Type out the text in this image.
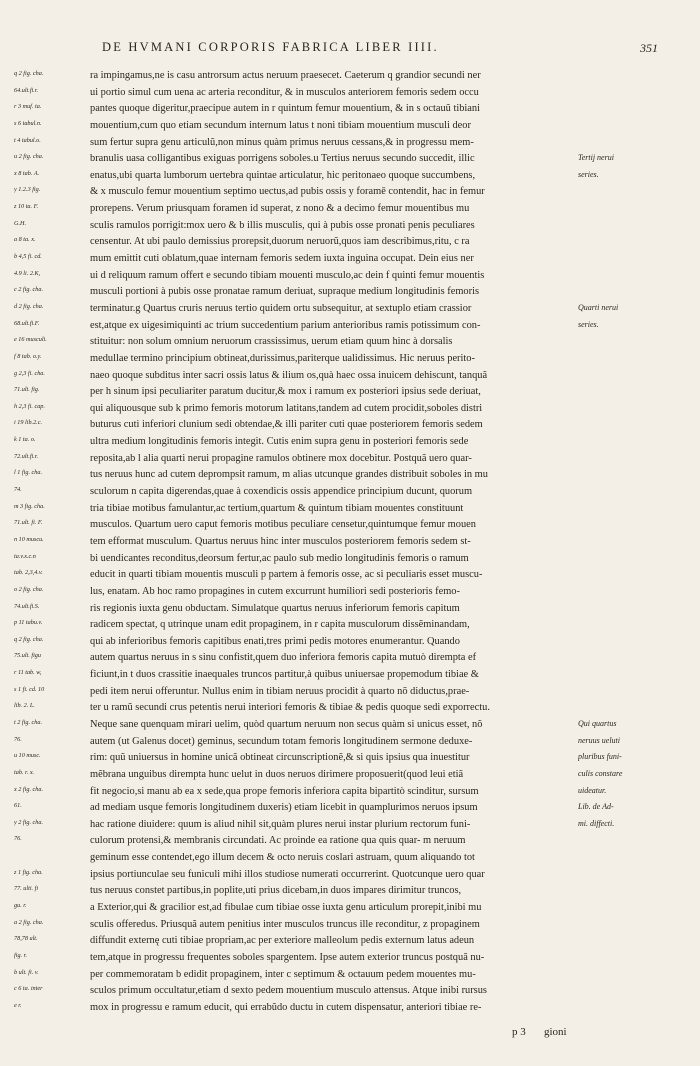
DE HVMANI CORPORIS FABRICA LIBER IIII.	351
q 2 fig. cha.	ra impingamus,ne is casu antrorsum actus neruum praesecet. Caeterum q grandior secundi ner
64.ult.fi.r.	ui portio simul cum uena ac arteria reconditur, & in musculos anteriorem femoris sedem occu
r 3 muf. ta.	pantes quoque digeritur,praecipue autem in r quintum femur mouentium, & in s octauũ tibiani
s 6 tabul.n.	mouentium,cum quo etiam secundum internum latus t noni tibiam mouentium musculi deor
t 4 tabul.o.	sum fertur supra genu articulũ,non minus quàm primus neruus cessans,& in progressu mem-
u 2 fig. cha.	branulis uasa colligantibus exiguas porrigens soboles.u Tertius neruus secundo succedit, illic	Tertij nerui
x 8 tab. A.	enatus,ubi quarta lumborum uertebra quintae articulatur, hic peritonaeo quoque succumbens,	series.
y 1.2.3 fig.	& x musculo femur mouentium septimo uectus,ad pubis ossis y foramē contendit, hac in femur
z 10 ta. F.	prorepens. Verum priusquam foramen id superat, z nono & a decimo femur mouentibus mu
G.H.	sculis ramulos porrigit:mox uero & b illis musculis, qui à pubis osse pronati penis peculiares
a 8 ta. x.	censentur. At ubi paulo demissius prorepsit,duorum neruorũ,quos iam describimus,ritu, c ra
b 4,5 fi. cd.	mum emittit cuti oblatum,quae internam femoris sedem iuxta inguina occupat. Dein eius ner
4.9 li. 2.K,	ui d reliquum ramum offert e secundo tibiam mouenti musculo,ac dein f quinti femur mouentis
c 2 fig. cha.	musculi portioni à pubis osse pronatae ramum deriuat, supraque medium longitudinis femoris
d 2 fig. cha.	terminatur.g Quartus cruris neruus tertio quidem ortu subsequitur, at sextuplo etiam crassior	Quarti nerui
68.ult.fi.F.	est,atque ex uigesimiquinti ac trium succedentium parium anterioribus ramis potissimum con-	series.
e 16 musculi.	stituitur: non solum omnium neruorum crassissimus, uerum etiam quum hinc à dorsalis
f 8 tab. o.y.	medullae termino principium obtineat,durissimus,pariterque ualidissimus. Hic neruus perito-
g 2,3 fi. cha.	naeo quoque subditus inter sacri ossis latus & ilium os,quà haec ossa inuicem dehiscunt, tanquã
71.ult. fig.	per h sinum ipsi peculiariter paratum ducitur,& mox i ramum ex posteriori ipsius sede deriuat,
h 2,3 fi. cap.	qui aliquousque sub k primo femoris motorum latitans,tandem ad cutem procidit,soboles distri
i 19 lib.2.c.	buturus cuti inferiori clunium sedi obtendae,& illi pariter cuti quae posteriorem femoris sedem
k 1 ta. o.	ultra medium longitudinis femoris integit. Cutis enim supra genu in posteriori femoris sede
72.ult.fi.r.	reposita,ab l alia quarti nerui propagine ramulos obtinere mox docebitur. Postquã uero quar-
l 1 fig. cha.	tus neruus hunc ad cutem deprompsit ramum, m alias utcunque grandes distribuit soboles in mu
74.	sculorum n capita digerendas,quae à coxendicis ossis appendice principium ducunt, quorum
m 3 fig. cha.	tria tibiae motibus famulantur,ac tertium,quartum & quintum tibiam mouentes constituunt
71.ult. fi. F.	musculos. Quartum uero caput femoris motibus peculiare censetur,quintumque femur mouen
n 10 muscu.	tem efformat musculum. Quartus neruus hinc inter musculos posteriorem femoris sedem st-
ta.v.x.c.n	bi uendicantes reconditus,deorsum fertur,ac paulo sub medio longitudinis femoris o ramum
tab. 2,3,4.v.	educit in quarti tibiam mouentis musculi p partem à femoris osse, ac si peculiaris esset muscu-
o 2 fig. cha.	lus, enatam. Ab hoc ramo propagines in cutem excurrunt humiliori sedi posterioris femo-
74.ult.fi.S.	ris regionis iuxta genu obductam. Simulatque quartus neruus inferiorum femoris capitum
p 11 tabu.v.	radicem spectat, q utrinque unam edit propaginem, in r capita musculorum dissẽminandam,
q 2 fig. cha.	qui ab inferioribus femoris capitibus enati,tres primi pedis motores enumerantur. Quando
75.ult. figu	autem quartus neruus in s sinu confistit,quem duo inferiora femoris capita mutuò dirempta ef
r 11 tab. w,	ficiunt,in t duos crassitie inaequales truncos partitur,à quibus uniuersae propemodum tibiae &
s 1 fi. cd. 10	pedi item nerui offeruntur. Nullus enim in tibiam neruus procidit à quarto nõ diductus,prae-
lib. 2. L.	ter u ramũ secundi crus petentis nerui interiori femoris & tibiae & pedis quoque sedi exporrectu.
t 2 fig. cha.	Neque sane quenquam mirari uelim, quòd quartum neruum non secus quàm si unicus esset, nõ	Qui quartus
76.	autem (ut Galenus docet) geminus, secundum totam femoris longitudinem sermone deduxe-	neruus ueluti
u 10 musc.	rim: quũ uniuersus in homine unicã obtineat circunscriptionẽ,& si quis ipsius qua inuestitur	pluribus funi-
tab. r. x.	mẽbrana unguibus dirempta hunc uelut in duos neruos dirimere proposuerit(quod leui etiã	culis constare
x 2 fig. cha.	fit negocio,si manu ab ea x sede,qua prope femoris inferiora capita bipartitò scinditur, sursum	uideatur.
61.	ad mediam usque femoris longitudinem duxeris) etiam licebit in quamplurimos neruos ipsum	Lib. de Ad-
y 2 fig. cha.	hac ratione diuidere: quum is aliud nihil sit,quàm plures nerui instar plurium rectorum funi-	mi. diffecti.
76.	culorum protensi,& membranis circundati. Ac proinde ea ratione qua quis quar- m neruum
geminum esse contendet,ego illum decem & octo neruis coslari astruam, quum aliquando tot
z 1 fig. cha.	ipsius portiunculae seu funiculi mihi illos studiose numerati occurrerint. Quotcunque uero quar
77. ulti. fi	tus neruus constet partibus,in poplite,uti prius dicebam,in duos impares dirimitur truncos,
gu. r.	a Exterior,qui & gracilior est,ad fibulae cum tibiae osse iuxta genu articulum prorepit,inibi mu
a 2 fig. cha.	sculis offeredus. Priusquã autem penitius inter musculos truncus ille reconditur, z propaginem
78,78 ult.	diffundit externę cuti tibiae propriam,ac per exteriore malleolum pedis externum latus adeun
fig. r.	tem,atque in progressu frequentes soboles spargentem. Ipse autem exterior truncus postquã nu-
b ult. fi. v.	per commemoratam b edidit propaginem, inter c septimum & octauum pedem mouentes mu-
c 6 ta. inter	sculos primum occultatur,etiam d sexto pedem mouentium musculo attensus. Atque inibi rursus
e r.	mox in progressu e ramum educit, qui errabũdo ductu in cutem dispensatur, anteriori tibiae re-
p 3 gioni
